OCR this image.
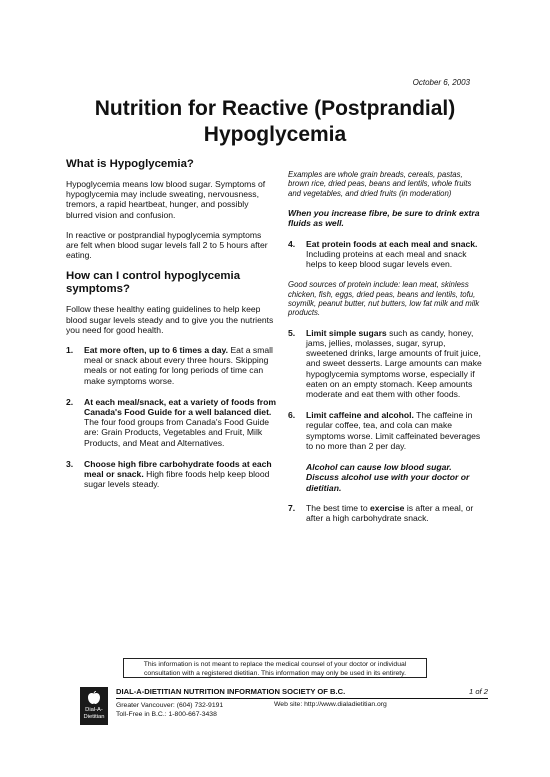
October 6, 2003
Nutrition for Reactive (Postprandial) Hypoglycemia
What is Hypoglycemia?

Hypoglycemia means low blood sugar. Symptoms of hypoglycemia may include sweating, nervousness, tremors, a rapid heartbeat, hunger, and possibly blurred vision and confusion.

In reactive or postprandial hypoglycemia symptoms are felt when blood sugar levels fall 2 to 5 hours after eating.

How can I control hypoglycemia symptoms?

Follow these healthy eating guidelines to help keep blood sugar levels steady and to give you the nutrients you need for good health.

1. Eat more often, up to 6 times a day. Eat a small meal or snack about every three hours. Skipping meals or not eating for long periods of time can make symptoms worse.
2. At each meal/snack, eat a variety of foods from Canada's Food Guide for a well balanced diet. The four food groups from Canada's Food Guide are: Grain Products, Vegetables and Fruit, Milk Products, and Meat and Alternatives.
3. Choose high fibre carbohydrate foods at each meal or snack. High fibre foods help keep blood sugar levels steady.

Examples are whole grain breads, cereals, pastas, brown rice, dried peas, beans and lentils, whole fruits and vegetables, and dried fruits (in moderation)

When you increase fibre, be sure to drink extra fluids as well.

4. Eat protein foods at each meal and snack. Including proteins at each meal and snack helps to keep blood sugar levels even.

Good sources of protein include: lean meat, skinless chicken, fish, eggs, dried peas, beans and lentils, tofu, soymilk, peanut butter, nut butters, low fat milk and milk products.

5. Limit simple sugars such as candy, honey, jams, jellies, molasses, sugar, syrup, sweetened drinks, large amounts of fruit juice, and sweet desserts. Large amounts can make hypoglycemia symptoms worse, especially if eaten on an empty stomach. Keep amounts moderate and eat them with other foods.
6. Limit caffeine and alcohol. The caffeine in regular coffee, tea, and cola can make symptoms worse. Limit caffeinated beverages to no more than 2 per day.

Alcohol can cause low blood sugar. Discuss alcohol use with your doctor or dietitian.

7. The best time to exercise is after a meal, or after a high carbohydrate snack.
This information is not meant to replace the medical counsel of your doctor or individual consultation with a registered dietitian. This information may only be used in its entirety.
Dial-A-Dietitian
DIAL-A-DIETITIAN NUTRITION INFORMATION SOCIETY OF B.C.	1 of 2
Greater Vancouver: (604) 732-9191
Toll-Free in B.C.: 1-800-667-3438
Web site: http://www.dialadietitian.org
